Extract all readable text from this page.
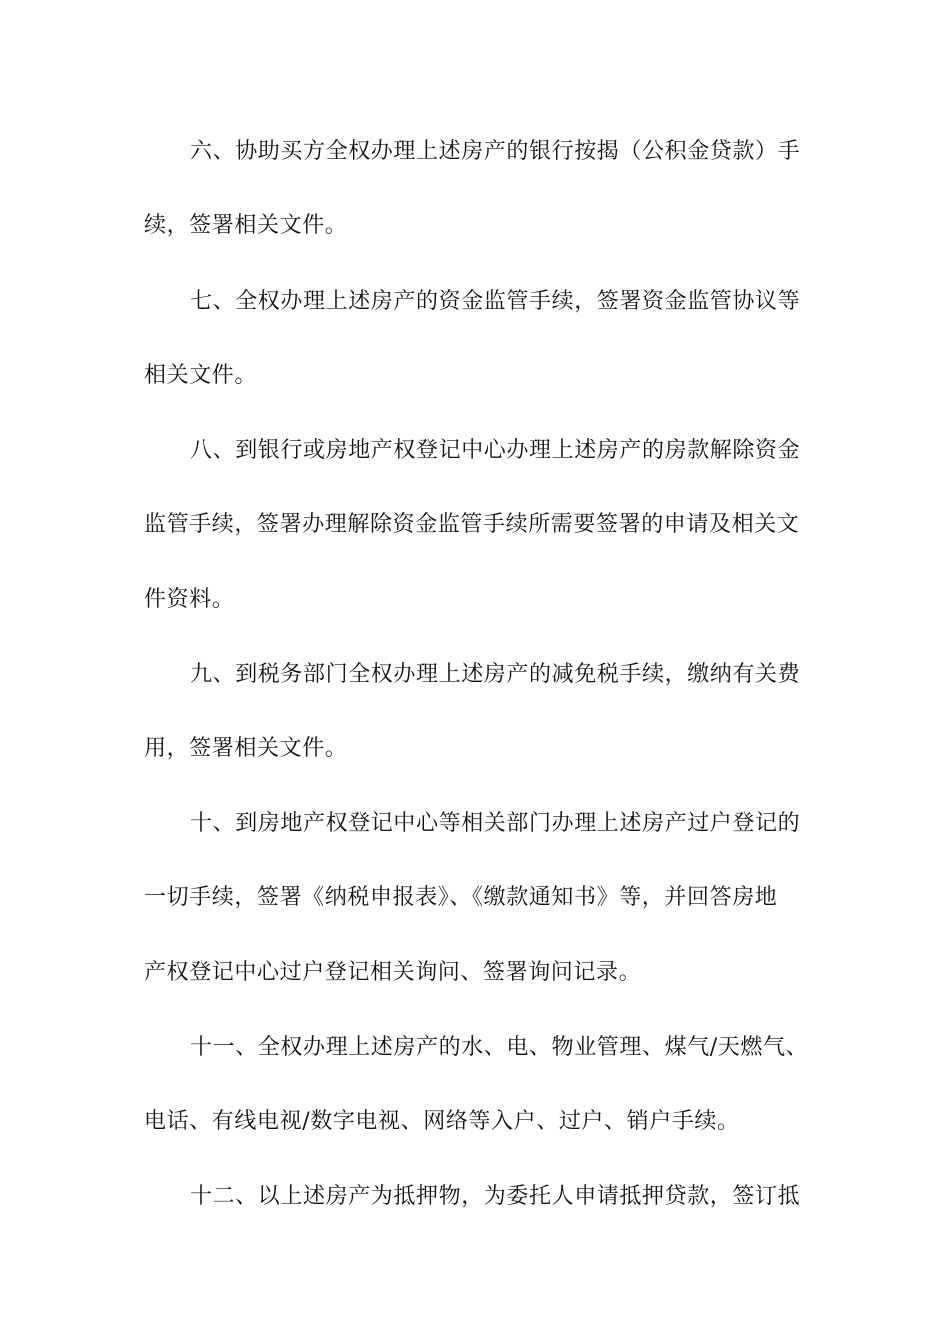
六、协助买方全权办理上述房产的银行按揭（公积金贷款）手
续，签署相关文件。
七、全权办理上述房产的资金监管手续，签署资金监管协议等
相关文件。
八、到银行或房地产权登记中心办理上述房产的房款解除资金
监管手续，签署办理解除资金监管手续所需要签署的申请及相关文
件资料。
九、到税务部门全权办理上述房产的减免税手续，缴纳有关费
用，签署相关文件。
十、到房地产权登记中心等相关部门办理上述房产过户登记的
一切手续，签署《纳税申报表》、《缴款通知书》等，并回答房地
产权登记中心过户登记相关询问、签署询问记录。
十一、全权办理上述房产的水、电、物业管理、煤气/天燃气、
电话、有线电视/数字电视、网络等入户、过户、销户手续。
十二、以上述房产为抵押物，为委托人申请抵押贷款，签订抵
